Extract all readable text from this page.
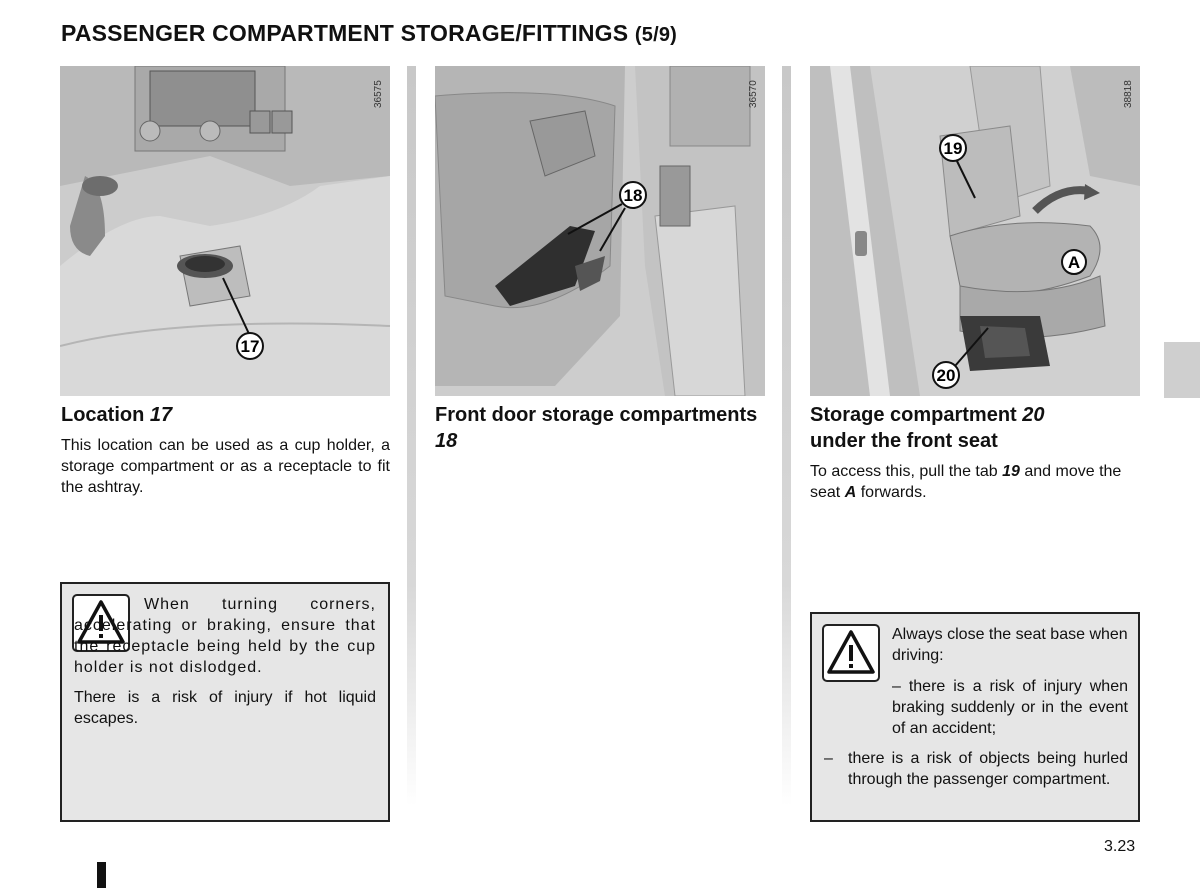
PASSENGER COMPARTMENT STORAGE/FITTINGS (5/9)
17
36575
Location 17
This location can be used as a cup holder, a storage compartment or as a receptacle to fit the ashtray.
When turning corners, accelerating or braking, ensure that the receptacle being held by the cup holder is not dislodged.
There is a risk of injury if hot liquid escapes.
18
36570
Front door storage compartments 18
19
A
20
38818
Storage compartment 20
under the front seat
To access this, pull the tab 19 and move the seat A forwards.
Always close the seat base when driving:
– there is a risk of injury when braking suddenly or in the event of an accident;
– there is a risk of objects being hurled through the passenger compartment.
3.23
